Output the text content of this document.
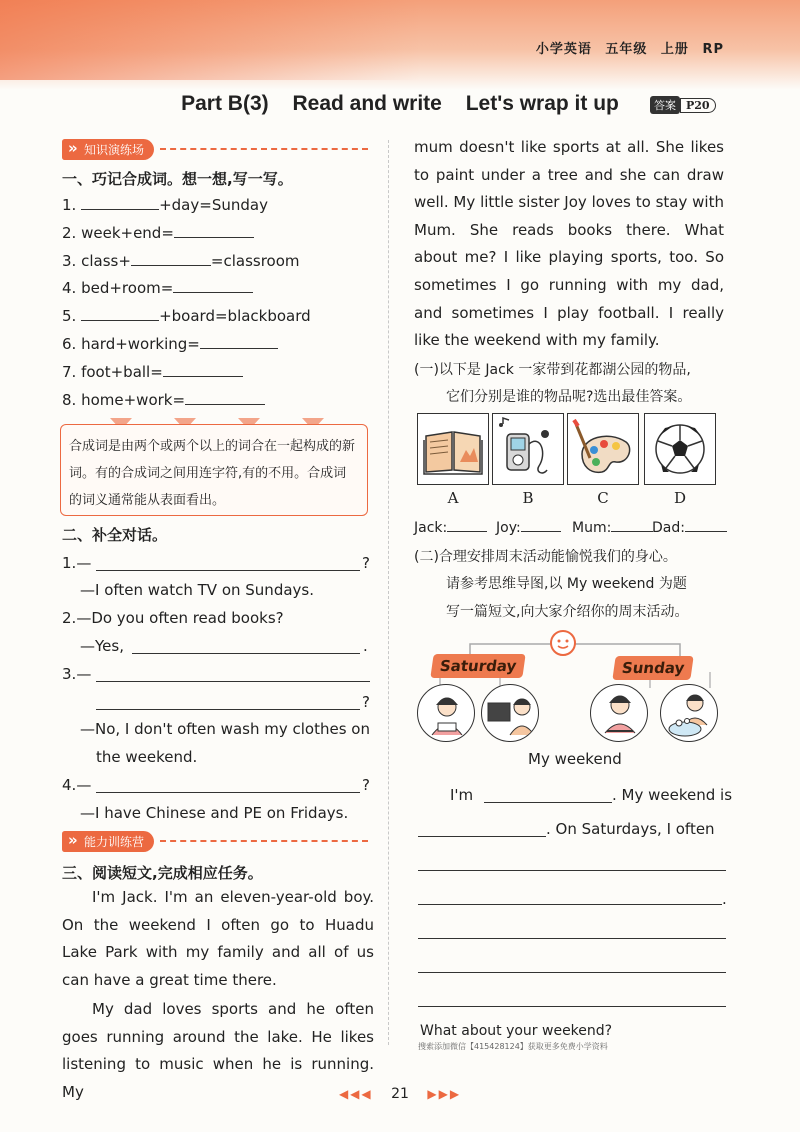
小学英语 五年级 上册 RP
Part B(3) Read and write Let's wrap it up	答案 P20
» 知识演练场
一、巧记合成词。想一想,写一写。
1.	+day=Sunday
2. week+end=
3. class+	=classroom
4. bed+room=
5.	+board=blackboard
6. hard+working=
7. foot+ball=
8. home+work=
合成词是由两个或两个以上的词合在一起构成的新词。有的合成词之间用连字符,有的不用。合成词的词义通常能从表面看出。
二、补全对话。
1.—	?
—I often watch TV on Sundays.
2.—Do you often read books?
—Yes,	.
3.—
?
—No, I don't often wash my clothes on
the weekend.
4.—	?
—I have Chinese and PE on Fridays.
» 能力训练营
三、阅读短文,完成相应任务。
I'm Jack. I'm an eleven-year-old boy. On the weekend I often go to Huadu Lake Park with my family and all of us can have a great time there.
My dad loves sports and he often goes running around the lake. He likes listening to music when he is running. My
mum doesn't like sports at all. She likes to paint under a tree and she can draw well. My little sister Joy loves to stay with Mum. She reads books there. What about me? I like playing sports, too. So sometimes I go running with my dad, and sometimes I play football. I really like the weekend with my family.
(一)以下是 Jack 一家带到花都湖公园的物品,
它们分别是谁的物品呢?选出最佳答案。
A	B	C	D
Jack:	Joy:	Mum:	Dad:
(二)合理安排周末活动能愉悦我们的身心。
请参考思维导图,以 My weekend 为题
写一篇短文,向大家介绍你的周末活动。
Saturday	Sunday
My weekend
I'm	. My weekend is
. On Saturdays, I often
.
What about your weekend?
搜索添加微信【415428124】获取更多免费小学资料
◀◀◀ 21 ▶▶▶
